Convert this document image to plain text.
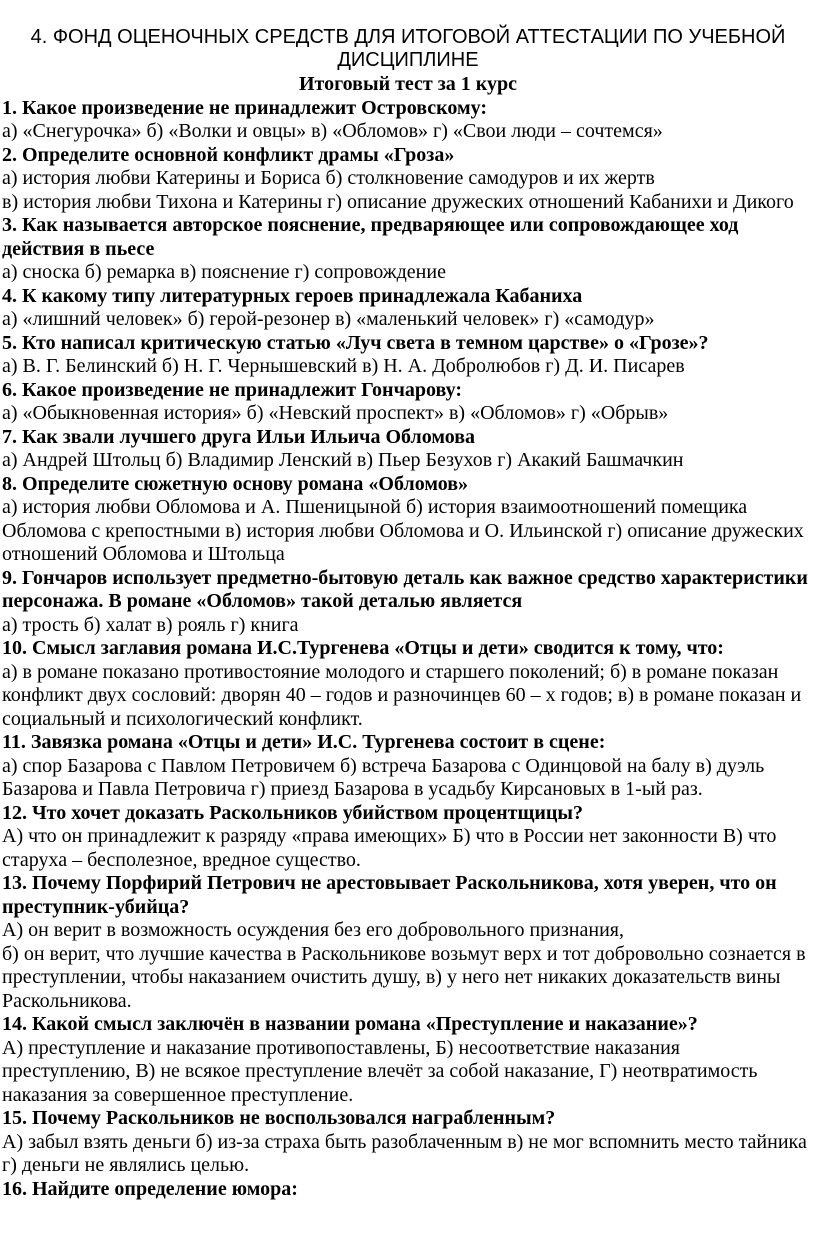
4. ФОНД ОЦЕНОЧНЫХ СРЕДСТВ ДЛЯ ИТОГОВОЙ АТТЕСТАЦИИ ПО УЧЕБНОЙ ДИСЦИПЛИНЕ
Итоговый тест за 1 курс

1. Какое произведение не принадлежит Островскому:

а) «Снегурочка» б) «Волки и овцы» в) «Обломов» г) «Свои люди – сочтемся»

2. Определите основной конфликт драмы «Гроза»

а) история любви Катерины и Бориса б) столкновение самодуров и их жертв

в) история любви Тихона и Катерины г) описание дружеских отношений Кабанихи и Дикого

3. Как называется авторское пояснение, предваряющее или сопровождающее ход действия в пьесе

а) сноска б) ремарка в) пояснение г) сопровождение

4. К какому типу литературных героев принадлежала Кабаниха

а) «лишний человек» б) герой-резонер в) «маленький человек» г) «самодур»

5. Кто написал критическую статью «Луч света в темном царстве» о «Грозе»?

а) В. Г. Белинский б) Н. Г. Чернышевский в) Н. А. Добролюбов г) Д. И. Писарев

6. Какое произведение не принадлежит Гончарову:

а) «Обыкновенная история» б) «Невский проспект» в) «Обломов» г) «Обрыв»

7. Как звали лучшего друга Ильи Ильича Обломова

а) Андрей Штольц б) Владимир Ленский в) Пьер Безухов г) Акакий Башмачкин

8. Определите сюжетную основу романа «Обломов»

а) история любви Обломова и А. Пшеницыной б) история взаимоотношений помещика Обломова с крепостными в) история любви Обломова и О. Ильинской г) описание дружеских отношений Обломова и Штольца

9. Гончаров использует предметно-бытовую деталь как важное средство характеристики персонажа. В романе «Обломов» такой деталью является

а) трость б) халат в) рояль г) книга

10. Смысл заглавия романа И.С.Тургенева «Отцы и дети» сводится к тому, что:

а) в романе показано противостояние молодого и старшего поколений; б) в романе показан конфликт двух сословий: дворян 40 – годов и разночинцев 60 – х годов; в) в романе показан и социальный и психологический конфликт.

11. Завязка романа «Отцы и дети» И.С. Тургенева состоит в сцене:

а) спор Базарова с Павлом Петровичем б) встреча Базарова с Одинцовой на балу в) дуэль Базарова и Павла Петровича г) приезд Базарова в усадьбу Кирсановых в 1-ый раз.

12. Что хочет доказать Раскольников убийством процентщицы?

А) что он принадлежит к разряду «права имеющих» Б) что в России нет законности В) что старуха – бесполезное, вредное существо.

13. Почему Порфирий Петрович не арестовывает Раскольникова, хотя уверен, что он преступник-убийца?

А) он верит в возможность осуждения без его добровольного признания,

б) он верит, что лучшие качества в Раскольникове возьмут верх и тот добровольно сознается в преступлении, чтобы наказанием очистить душу, в) у него нет никаких доказательств вины Раскольникова.

14. Какой смысл заключён в названии романа «Преступление и наказание»?

А) преступление и наказание противопоставлены, Б) несоответствие наказания преступлению, В) не всякое преступление влечёт за собой наказание, Г) неотвратимость наказания за совершенное преступление.

15. Почему Раскольников не воспользовался награбленным?

А) забыл взять деньги б) из-за страха быть разоблаченным в) не мог вспомнить место тайника г) деньги не являлись целью.

16. Найдите определение юмора:
